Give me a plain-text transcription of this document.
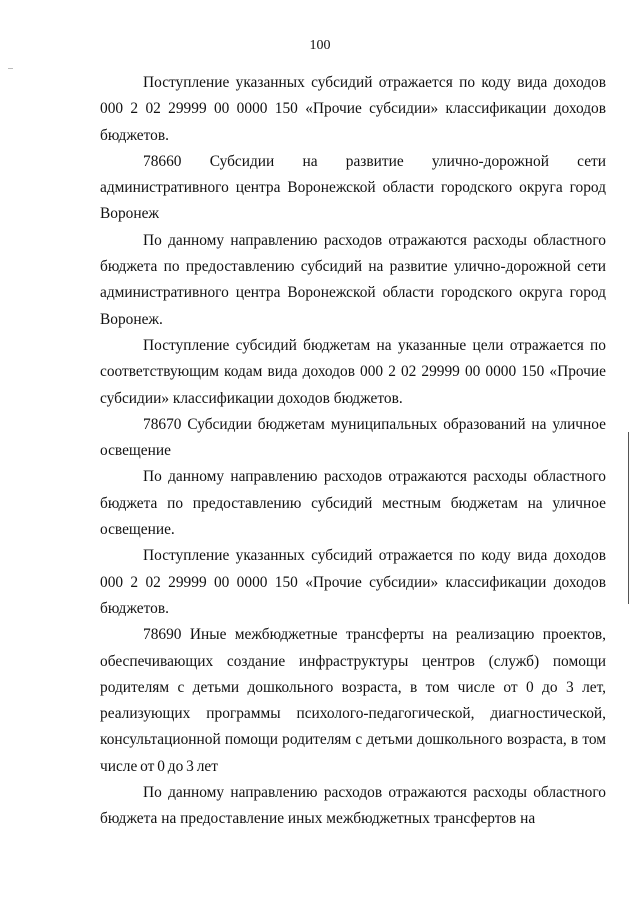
100

Поступление указанных субсидий отражается по коду вида доходов 000 2 02 29999 00 0000 150 «Прочие субсидии» классификации доходов бюджетов.

78660 Субсидии на развитие улично-дорожной сети административного центра Воронежской области городского округа город Воронеж

По данному направлению расходов отражаются расходы областного бюджета по предоставлению субсидий на развитие улично-дорожной сети административного центра Воронежской области городского округа город Воронеж.

Поступление субсидий бюджетам на указанные цели отражается по соответствующим кодам вида доходов 000 2 02 29999 00 0000 150 «Прочие субсидии» классификации доходов бюджетов.

78670 Субсидии бюджетам муниципальных образований на уличное освещение

По данному направлению расходов отражаются расходы областного бюджета по предоставлению субсидий местным бюджетам на уличное освещение.

Поступление указанных субсидий отражается по коду вида доходов 000 2 02 29999 00 0000 150 «Прочие субсидии» классификации доходов бюджетов.

78690 Иные межбюджетные трансферты на реализацию проектов, обеспечивающих создание инфраструктуры центров (служб) помощи родителям с детьми дошкольного возраста, в том числе от 0 до 3 лет, реализующих программы психолого-педагогической, диагностической, консультационной помощи родителям с детьми дошкольного возраста, в том числе от 0 до 3 лет

По данному направлению расходов отражаются расходы областного бюджета на предоставление иных межбюджетных трансфертов на
